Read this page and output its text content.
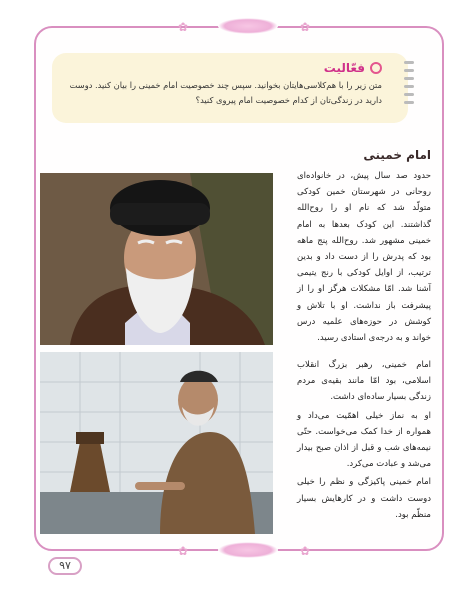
✿	✿
✿	✿
فعّالیت
متن زیر را با هم‌کلاسی‌هایتان بخوانید. سپس چند خصوصیت امام خمینی را بیان کنید. دوست دارید در زندگی‌تان از کدام خصوصیت امام پیروی کنید؟
امام خمینی

حدود صد سال پیش، در خانواده‌ای روحانی در شهرستان خمین کودکی متولّد شد که نام او را روح‌الله گذاشتند. این کودک بعدها به امام خمینی مشهور شد. روح‌الله پنج ماهه بود که پدرش را از دست داد و بدین ترتیب، از اوایل کودکی با رنج یتیمی آشنا شد. امّا مشکلات هرگز او را از پیشرفت باز نداشت. او با تلاش و کوشش در حوزه‌های علمیه درس خواند و به درجه‌ی استادی رسید.

امام خمینی، رهبر بزرگ انقلاب اسلامی، بود امّا مانند بقیه‌ی مردم زندگی بسیار ساده‌ای داشت.

او به نماز خیلی اهمّیت می‌داد و همواره از خدا کمک می‌خواست. حتّی نیمه‌های شب و قبل از اذان صبح بیدار می‌شد و عبادت می‌کرد.

امام خمینی پاکیزگی و نظم را خیلی دوست داشت و در کارهایش بسیار منظّم بود.

۹۷
